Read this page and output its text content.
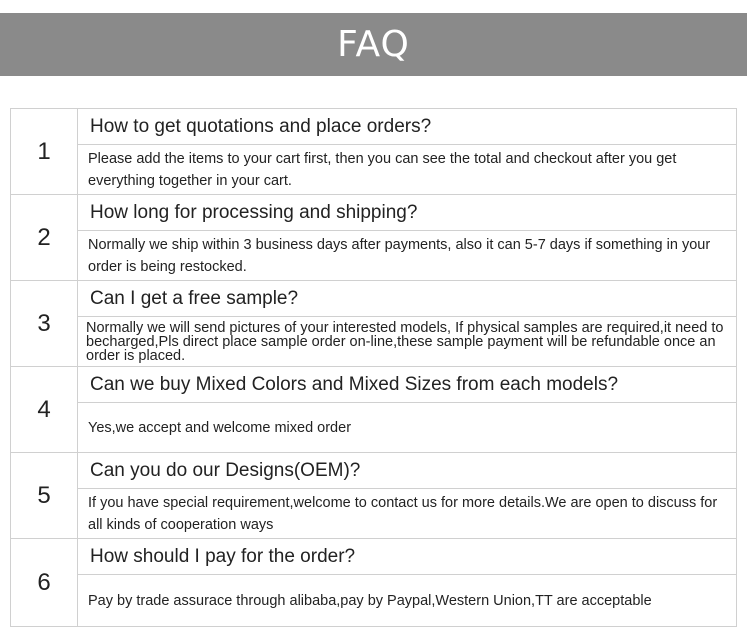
FAQ
1
How to get quotations and place orders?
Please add the items to your cart first, then you can see the total and checkout after you get everything together in your cart.
2
How long for processing and shipping?
Normally we ship within 3 business days after payments, also it can 5-7 days if something in your order is being restocked.
3
Can I get a free sample?
Normally we will send pictures of your interested models, If physical samples are required,it need to becharged,Pls direct place sample order on-line,these sample payment will be refundable once an order is placed.
4
Can we buy Mixed Colors and Mixed Sizes from each models?
Yes,we accept and welcome mixed order
5
Can you do our Designs(OEM)?
If you have special requirement,welcome to contact us for more details.We are open to discuss for all kinds of cooperation ways
6
How should I pay for the order?
Pay by trade assurace through alibaba,pay by Paypal,Western Union,TT are acceptable
